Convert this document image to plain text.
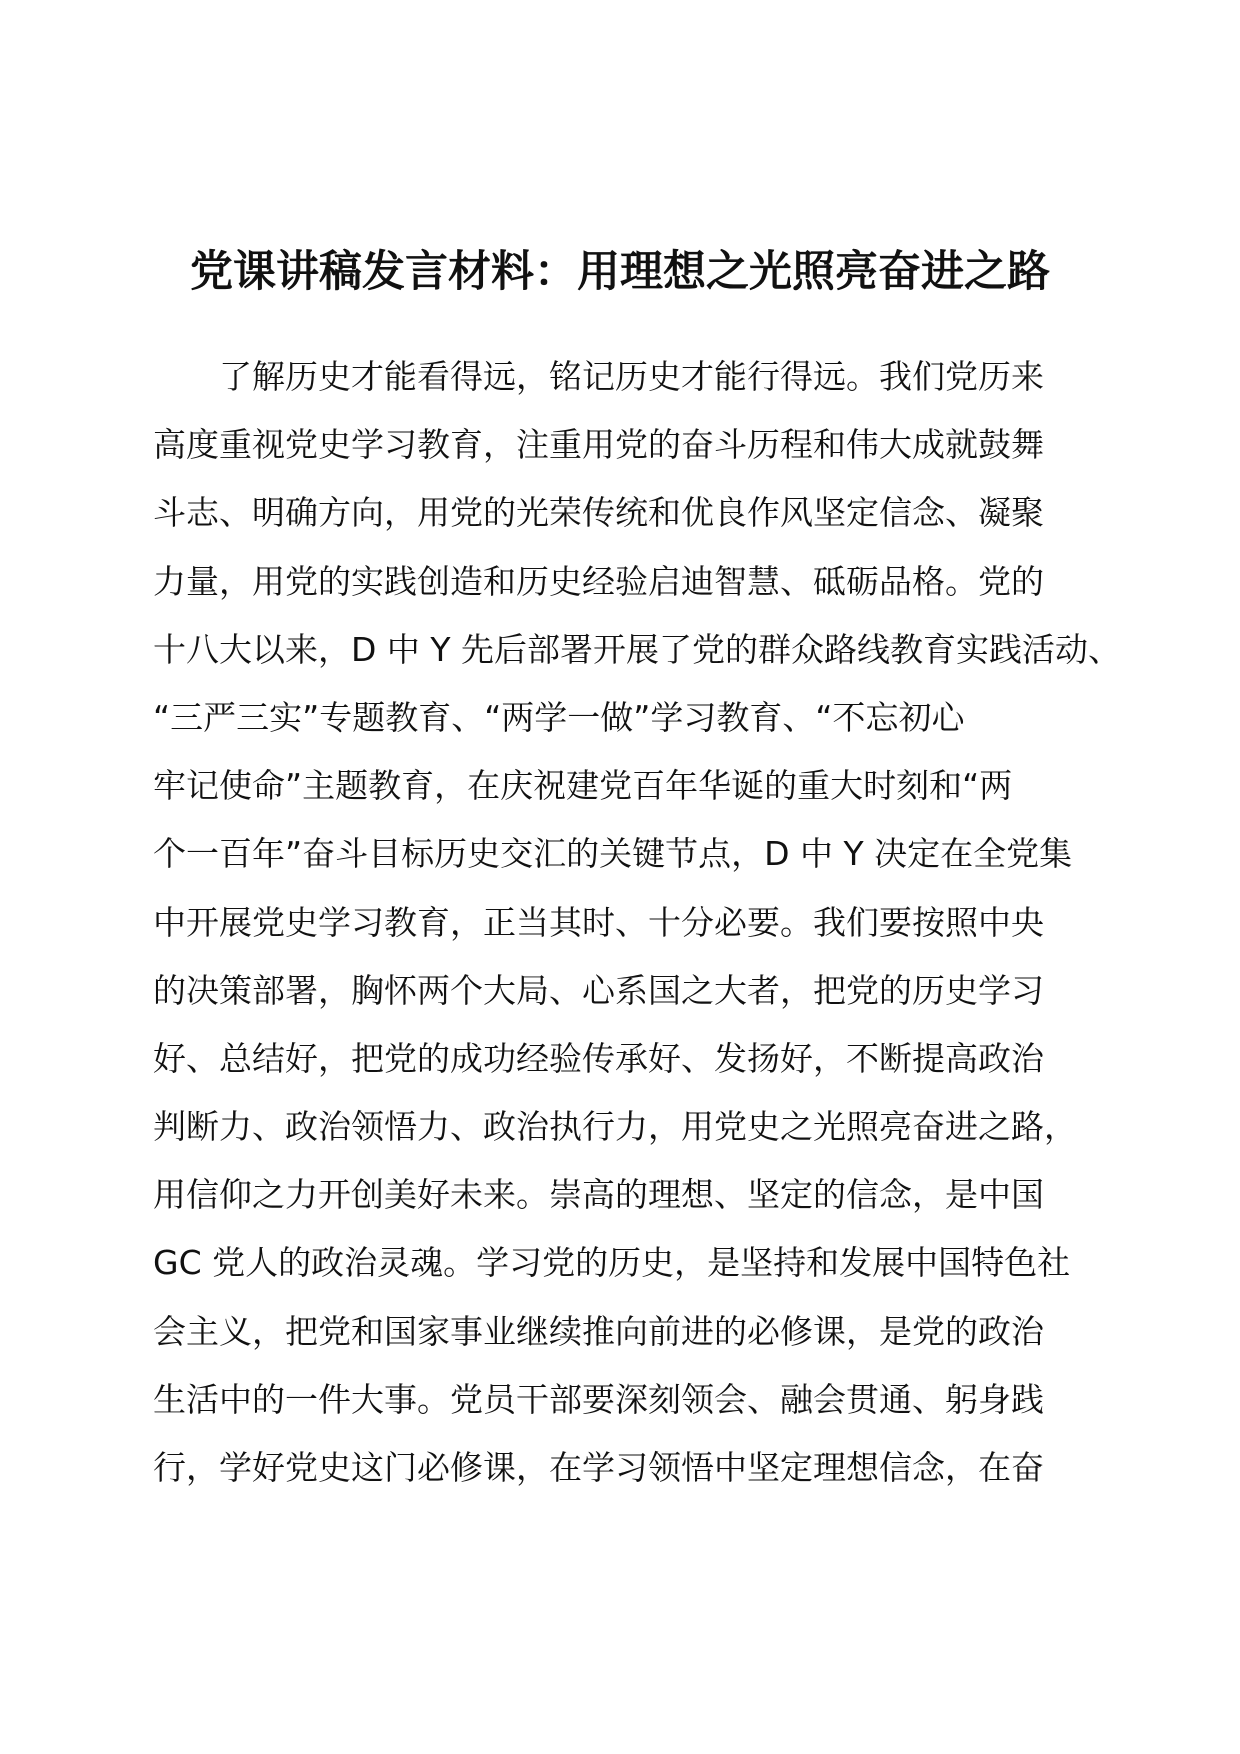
党课讲稿发言材料：用理想之光照亮奋进之路
　　了解历史才能看得远，铭记历史才能行得远。我们党历来
高度重视党史学习教育，注重用党的奋斗历程和伟大成就鼓舞
斗志、明确方向，用党的光荣传统和优良作风坚定信念、凝聚
力量，用党的实践创造和历史经验启迪智慧、砥砺品格。党的
十八大以来，D 中 Y 先后部署开展了党的群众路线教育实践活动、
“三严三实”专题教育、“两学一做”学习教育、“不忘初心
牢记使命”主题教育，在庆祝建党百年华诞的重大时刻和“两
个一百年”奋斗目标历史交汇的关键节点，D 中 Y 决定在全党集
中开展党史学习教育，正当其时、十分必要。我们要按照中央
的决策部署，胸怀两个大局、心系国之大者，把党的历史学习
好、总结好，把党的成功经验传承好、发扬好，不断提高政治
判断力、政治领悟力、政治执行力，用党史之光照亮奋进之路，
用信仰之力开创美好未来。崇高的理想、坚定的信念，是中国
GC 党人的政治灵魂。学习党的历史，是坚持和发展中国特色社
会主义，把党和国家事业继续推向前进的必修课，是党的政治
生活中的一件大事。党员干部要深刻领会、融会贯通、躬身践
行，学好党史这门必修课，在学习领悟中坚定理想信念，在奋
